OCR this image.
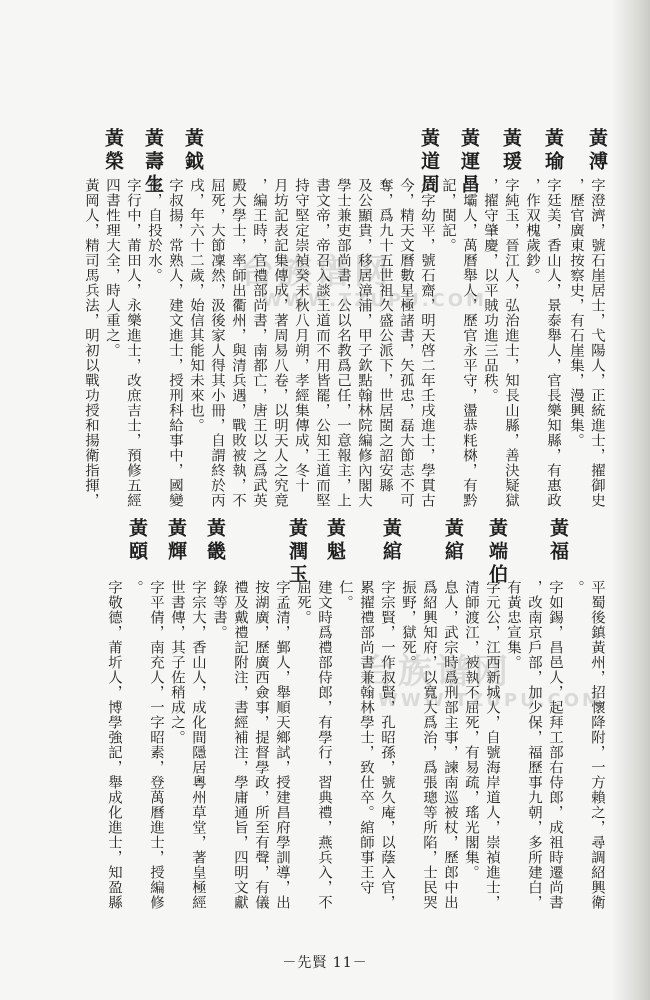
黃溥
字澄濟，號石崖居士，弋陽人，正統進士，擢御史
，歷官廣東按察史，有石崖集，漫興集。
黃瑜
字廷美，香山人，景泰舉人，官長樂知縣，有惠政
，作双槐歲鈔。
黃瑗
字純玉，晉江人，弘治進士，知長山縣，善決疑獄
，擢守肇慶，以平賊功進三品秩。
黃運昌
平壩人，萬曆舉人，歷官永平守，盪恭粍棥，有黔
記，閩記。
黃道周
公字幼平，號石齋，明天啓二年壬戌進士，學貫古
今，精天文曆數星極諸書，矢孤忠，磊大節志不可
奪，爲九十五世祖久盛公派下，世居閩之詔安縣
及公顯貴，移居漳浦，甲子欽點翰林院編修內閣大
學士兼吏部尚書，公以名教爲己任，一意報主，上
書文帝，帝召入談王道而不用皆罷，公知王道而堅
持守堅定崇禎癸未秋八月朔，孝經集傳成，冬十
月坊記表記集傳成，著周易八卷，以明天人之究竟
黃鉞
，編王時，官禮部尚書，南都亡，唐王以之爲武英
殿大學士，率師出衢州，與清兵遇，戰敗被執，不
屈死，大節凜然，汲後家人得其小冊，自謂終於丙
戌，年六十二歲，始信其能知未來也。
字叔揚，常熟人，建文進士，授刑科給事中，國變
後，自投於水。
黃壽生
字行中，莆田人，永樂進士，改庶吉士，預修五經
四書性理大全，時人重之。
黃榮
黃岡人，精司馬兵法，明初以戰功授和揚衛指揮，
平蜀後鎮黃州，招懷降附，一方賴之，尋調紹興衛
。
黃福
字如錫，昌邑人，起拜工部右侍郎，成祖時遷尚書
，改南京戶部，加少保，福歷事九朝，多所建白，
有黃忠宣集。
黃端伯
字元公，江西新城人，自號海岸道人，崇禎進士，
清師渡江，被執不屈死，有易疏，瑤光閣集。
黃綰
息人，武宗時爲刑部主事，諫南巡被杖，歷郎中出
爲紹興知府，以寬大爲治，爲張璁等所陷，士民哭
振野，獄死。
黃綰
字宗賢，一作叔賢，孔昭孫，號久庵，以蔭入官，
累擢禮部尚書兼翰林學士，致仕卒。綰師事王守
仁。
黃魁
建文時爲禮部侍郎，有學行，習典禮，燕兵入，不
屈死。
黃潤玉
字孟清，鄞人，舉順天鄉試，授建昌府學訓導，出
按湖廣，歷廣西僉事，提督學政，所至有聲，有儀
禮及戴禮記附注，書經補注，學庸通旨，四明文獻
錄等書。
黃畿
字宗大，香山人，成化間隱居粵州草堂，著皇極經
世書傳，其子佐稍成之。
黃輝
字平倩，南充人，一字昭素，登萬曆進士，授編修
。
黃頤
字敬德，莆圻人，博學強記，舉成化進士，知盈縣
台族谱网
WWW.TZUPU.COM
台族谱网
WWW.TZUPU.COM
－先賢 11－
